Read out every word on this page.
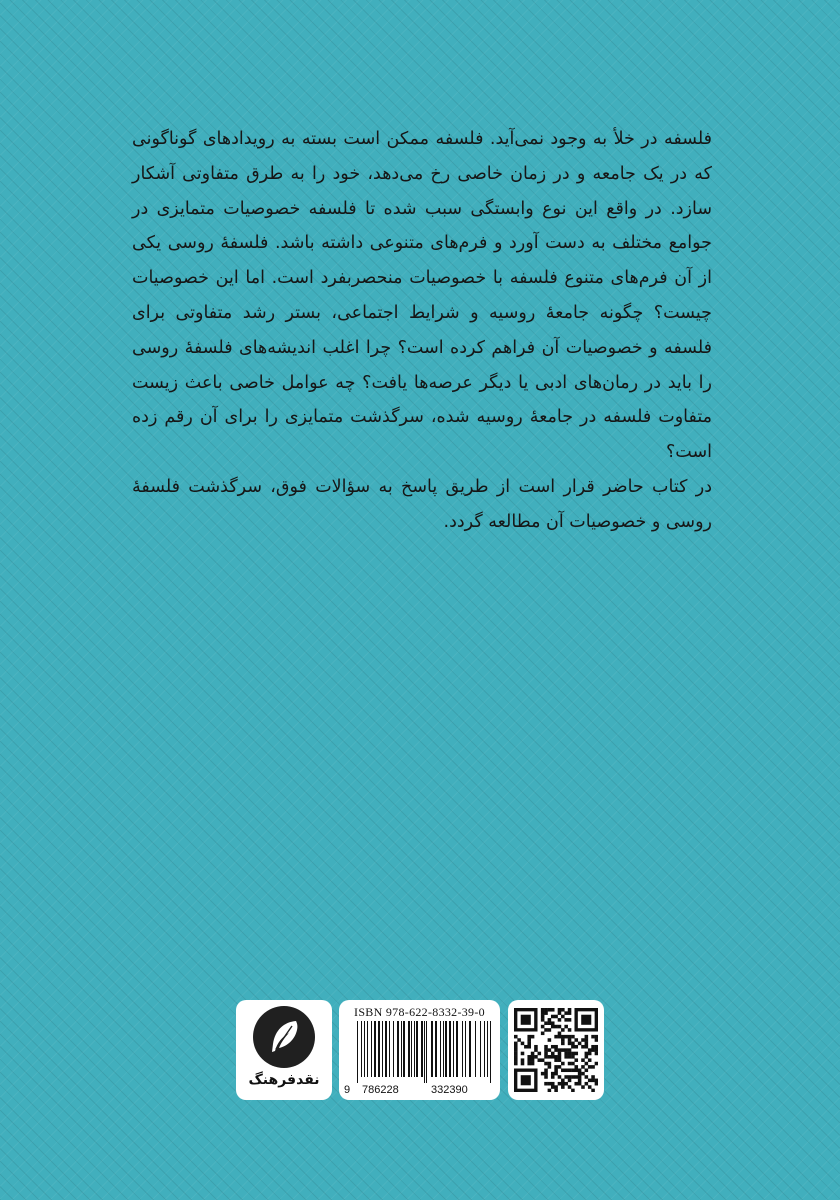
فلسفه در خلأ به وجود نمی‌آید. فلسفه ممکن است بسته به رویدادهای گوناگونی که در یک جامعه و در زمان خاصی رخ می‌دهد، خود را به طرق متفاوتی آشکار سازد. در واقع این نوع وابستگی سبب شده تا فلسفه خصوصیات متمایزی در جوامع مختلف به دست آورد و فرم‌های متنوعی داشته باشد. فلسفهٔ روسی یکی از آن فرم‌های متنوع فلسفه با خصوصیات منحصربفرد است. اما این خصوصیات چیست؟ چگونه جامعهٔ روسیه و شرایط اجتماعی، بستر رشد متفاوتی برای فلسفه و خصوصیات آن فراهم کرده است؟ چرا اغلب اندیشه‌های فلسفهٔ روسی را باید در رمان‌های ادبی یا دیگر عرصه‌ها یافت؟ چه عوامل خاصی باعث زیست متفاوت فلسفه در جامعهٔ روسیه شده، سرگذشت متمایزی را برای آن رقم زده است؟

در کتاب حاضر قرار است از طریق پاسخ به سؤالات فوق، سرگذشت فلسفهٔ روسی و خصوصیات آن مطالعه گردد.

نقدفرهنگ
ISBN 978-622-8332-39-0
9 786228	332390
